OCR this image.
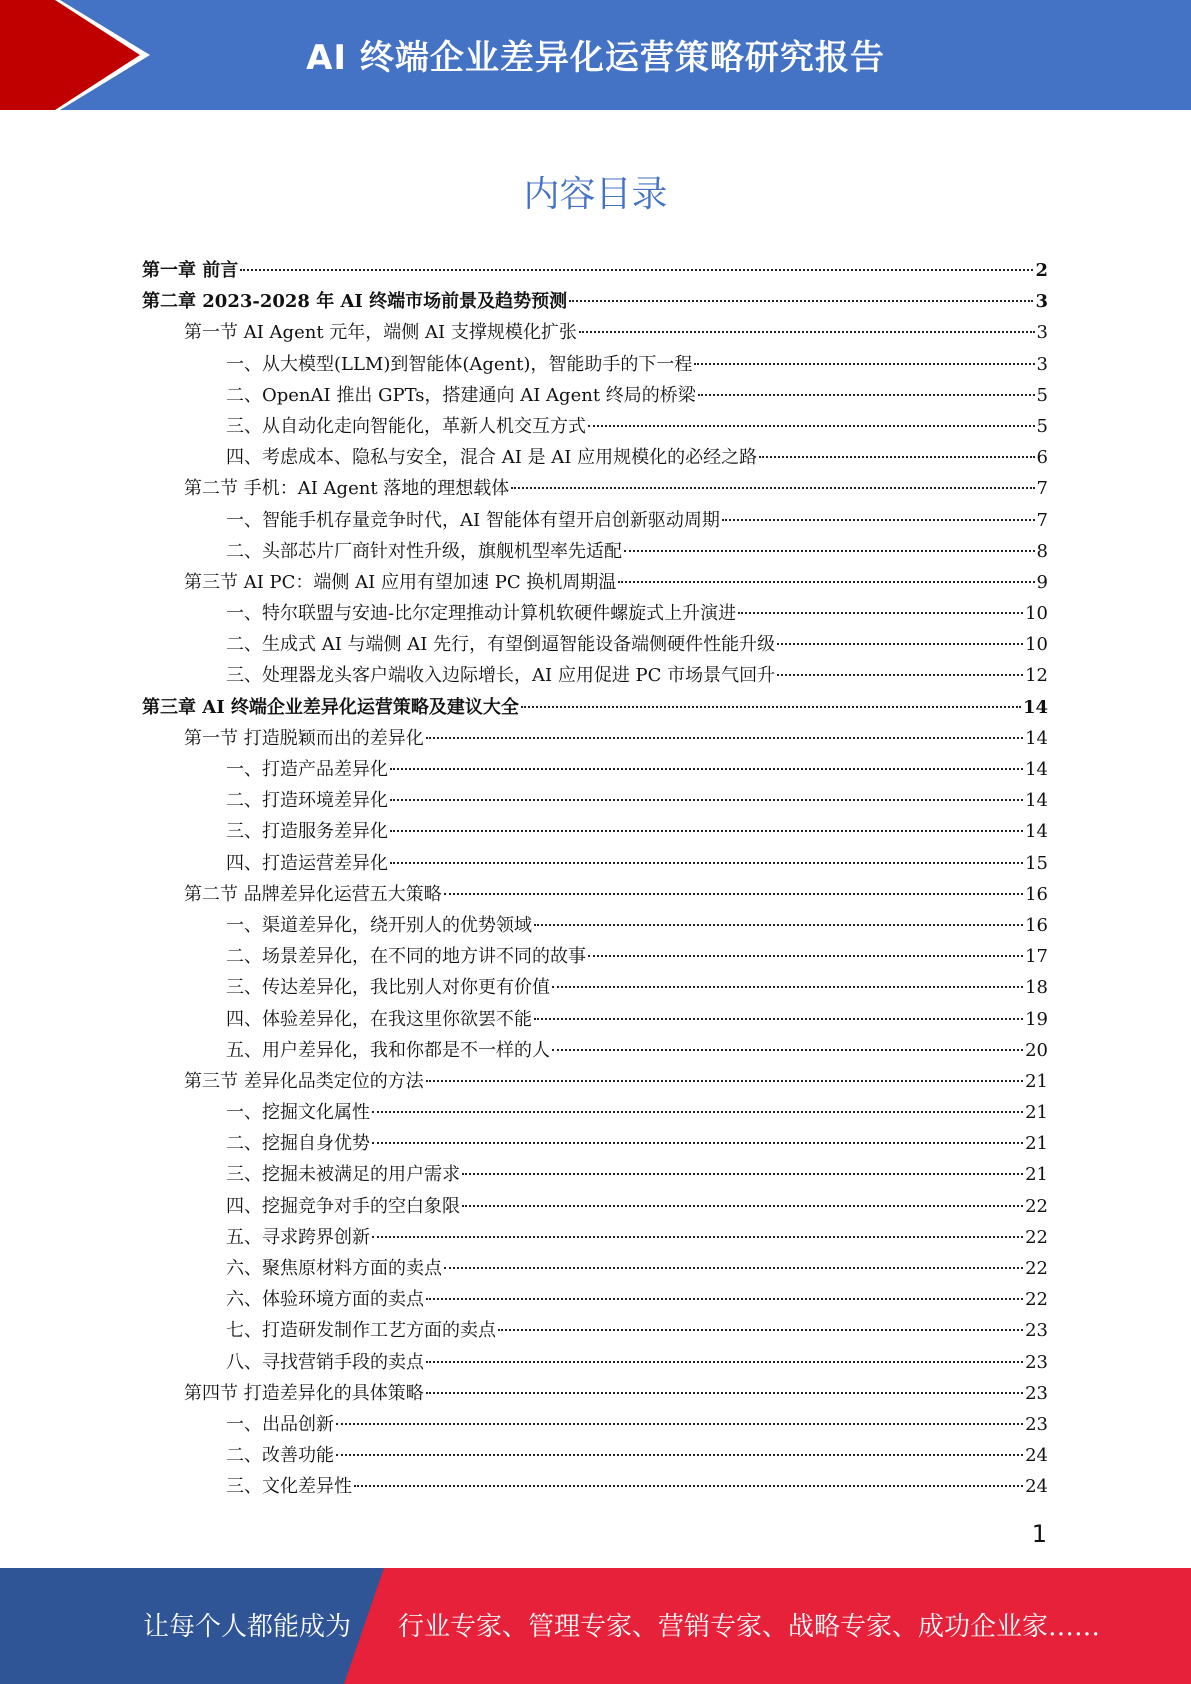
AI 终端企业差异化运营策略研究报告
内容目录
第一章 前言	2
第二章 2023-2028 年 AI 终端市场前景及趋势预测	3
第一节 AI Agent 元年，端侧 AI 支撑规模化扩张	3
一、从大模型(LLM)到智能体(Agent)，智能助手的下一程	3
二、OpenAI 推出 GPTs，搭建通向 AI Agent 终局的桥梁	5
三、从自动化走向智能化，革新人机交互方式	5
四、考虑成本、隐私与安全，混合 AI 是 AI 应用规模化的必经之路	6
第二节 手机：AI Agent 落地的理想载体	7
一、智能手机存量竞争时代，AI 智能体有望开启创新驱动周期	7
二、头部芯片厂商针对性升级，旗舰机型率先适配	8
第三节 AI PC：端侧 AI 应用有望加速 PC 换机周期温	9
一、特尔联盟与安迪-比尔定理推动计算机软硬件螺旋式上升演进	10
二、生成式 AI 与端侧 AI 先行，有望倒逼智能设备端侧硬件性能升级	10
三、处理器龙头客户端收入边际增长，AI 应用促进 PC 市场景气回升	12
第三章 AI 终端企业差异化运营策略及建议大全	14
第一节 打造脱颖而出的差异化	14
一、打造产品差异化	14
二、打造环境差异化	14
三、打造服务差异化	14
四、打造运营差异化	15
第二节 品牌差异化运营五大策略	16
一、渠道差异化，绕开别人的优势领域	16
二、场景差异化，在不同的地方讲不同的故事	17
三、传达差异化，我比别人对你更有价值	18
四、体验差异化，在我这里你欲罢不能	19
五、用户差异化，我和你都是不一样的人	20
第三节 差异化品类定位的方法	21
一、挖掘文化属性	21
二、挖掘自身优势	21
三、挖掘未被满足的用户需求	21
四、挖掘竞争对手的空白象限	22
五、寻求跨界创新	22
六、聚焦原材料方面的卖点	22
六、体验环境方面的卖点	22
七、打造研发制作工艺方面的卖点	23
八、寻找营销手段的卖点	23
第四节 打造差异化的具体策略	23
一、出品创新	23
二、改善功能	24
三、文化差异性	24
1
让每个人都能成为 行业专家、管理专家、营销专家、战略专家、成功企业家……
